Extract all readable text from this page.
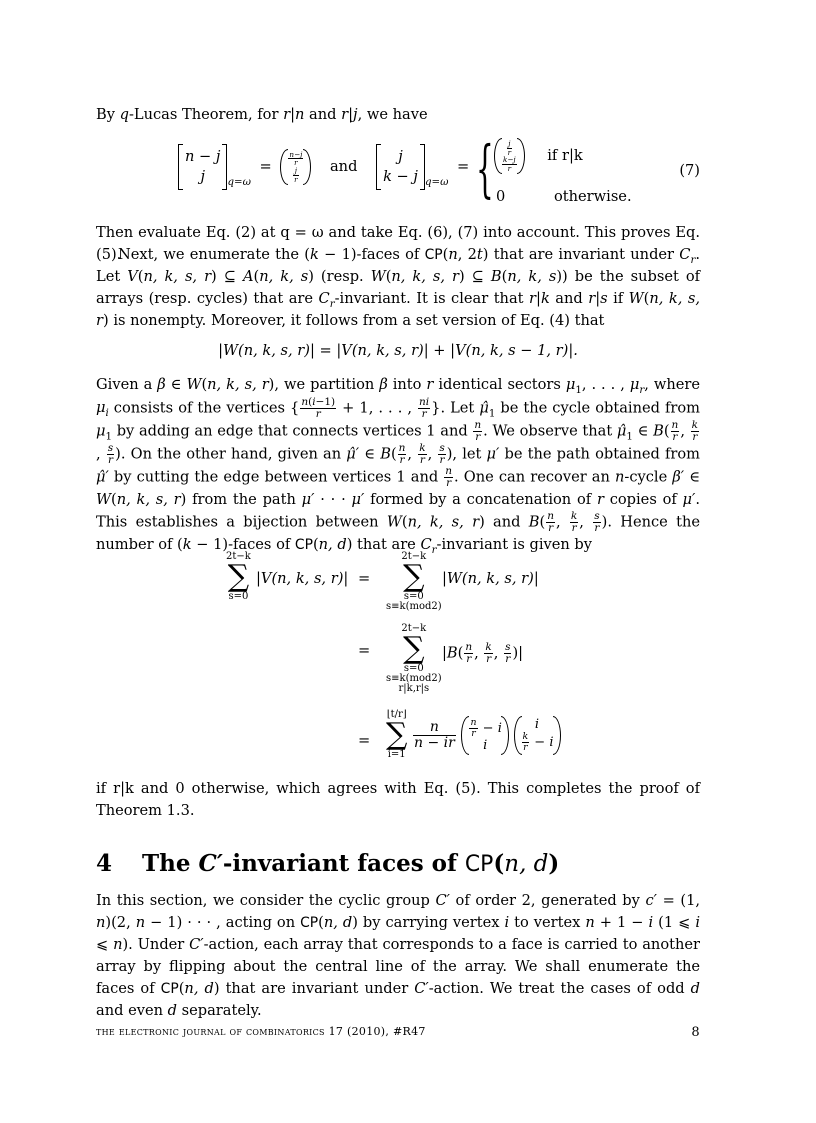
By q-Lucas Theorem, for r|n and r|j, we have

n − j
j $_{q=\omega} = \frac{n-j}{r}$
$\frac{j}{r}$
and j
k − j $_{q=\omega}$ = { $\frac{j}{r}$
$\frac{k-j}{r}$
if r|k
0	otherwise.
(7)

Then evaluate Eq. (2) at q = ω and take Eq. (6), (7) into account. This proves Eq. (5).

Next, we enumerate the (k − 1)-faces of CP(n, 2t) that are invariant under $C_r$. Let V(n, k, s, r) ⊆ A(n, k, s) (resp. W(n, k, s, r) ⊆ B(n, k, s)) be the subset of arrays (resp. cycles) that are $C_r$-invariant. It is clear that r|k and r|s if W(n, k, s, r) is nonempty. Moreover, it follows from a set version of Eq. (4) that

|W(n, k, s, r)| = |V(n, k, s, r)| + |V(n, k, s − 1, r)|.

Given a β ∈ W(n, k, s, r), we partition β into r identical sectors $\mu_1$, . . . , $\mu_r$, where $\mu_i$ consists of the vertices { $\frac{n(i-1)}{r} + 1$, . . . , $\frac{ni}{r}$ }. Let $\mû_1$ be the cycle obtained from $\mu_1$ by adding an edge that connects vertices 1 and $\frac{n}{r}$ . We observe that $\mû_1$ ∈ $B( \frac{n}{r}$ , $\frac{k}{r}$
, $\frac{s}{r}$ ). On the other hand, given an μ̂′ ∈ $B( \frac{n}{r}$ , $\frac{k}{r}$ , $\frac{s}{r}$ ), let μ′ be the path obtained from μ̂′ by cutting the edge between vertices 1 and $\frac{n}{r}$ . One can recover an n-cycle β′ ∈ W(n, k, s, r) from the path μ′ · · · μ′ formed by a concatenation of r copies of μ′. This establishes a bijection between W(n, k, s, r) and $B( \frac{n}{r}$ , $\frac{k}{r}$ , $\frac{s}{r}$ ). Hence the number of (k − 1)-faces of CP(n, d) that are $C_r$-invariant is given by

2t−k
∑
s=0
|V(n, k, s, r)| =
2t−k
∑
s=0
s≡k(mod2)
|W(n, k, s, r)|
=
2t−k
∑
s=0
s≡k(mod2)
r|k,r|s
$|B( \frac{n}{r}$ , $\frac{k}{r}$ , $\frac{s}{r}$ )|
=
⌊t/r⌋
∑
i=1
$\frac{n}{n - ir}$
$\frac{n}{r} - i$
i

i
$\frac{k}{r} - i$

if r|k and 0 otherwise, which agrees with Eq. (5). This completes the proof of Theorem 1.3.

4 The C′-invariant faces of CP(n, d)

In this section, we consider the cyclic group C′ of order 2, generated by c′ = (1, n)(2, n − 1) · · · , acting on CP(n, d) by carrying vertex i to vertex n + 1 − i (1 ⩽ i ⩽ n). Under C′-action, each array that corresponds to a face is carried to another array by flipping about the central line of the array. We shall enumerate the faces of CP(n, d) that are invariant under C′-action. We treat the cases of odd d and even d separately.

the electronic journal of combinatorics 17 (2010), #R47	8
